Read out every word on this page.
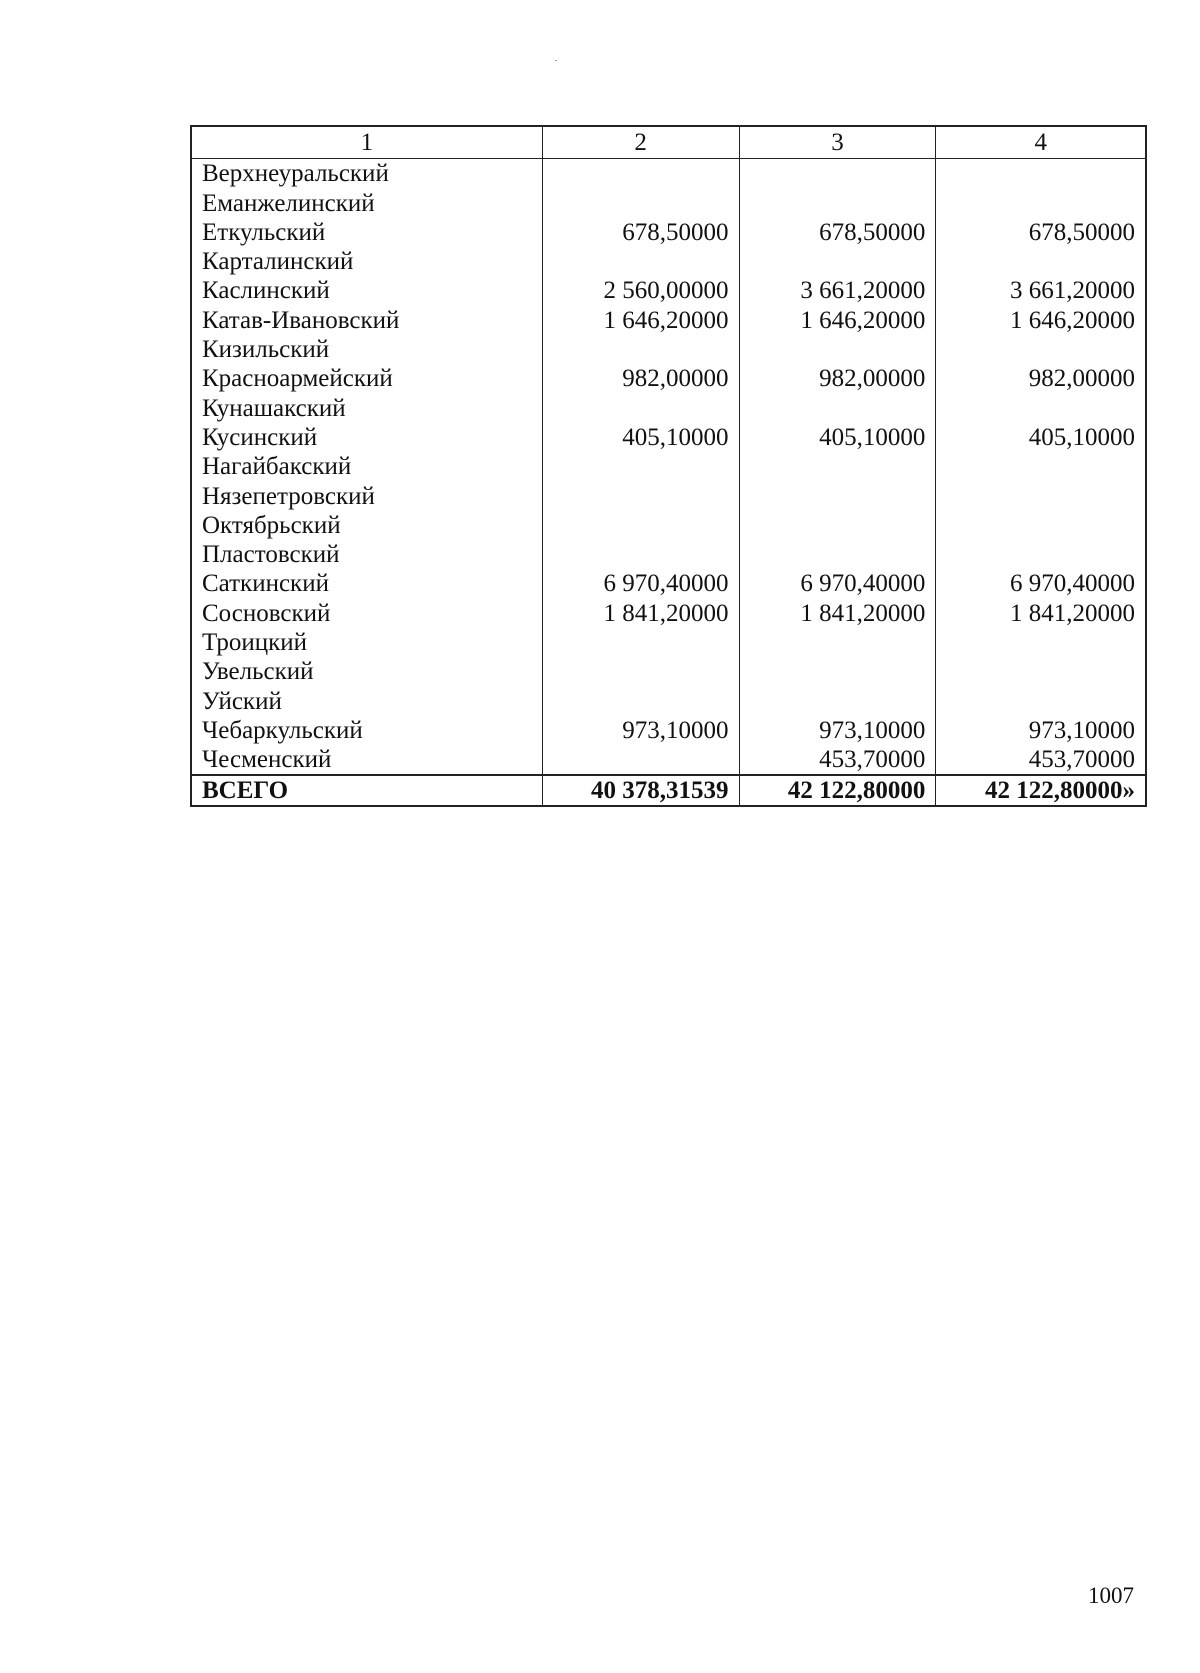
1	2	3	4
Верхнеуральский			
Еманжелинский			
Еткульский	678,50000	678,50000	678,50000
Карталинский			
Каслинский	2 560,00000	3 661,20000	3 661,20000
Катав-Ивановский	1 646,20000	1 646,20000	1 646,20000
Кизильский			
Красноармейский	982,00000	982,00000	982,00000
Кунашакский			
Кусинский	405,10000	405,10000	405,10000
Нагайбакский			
Нязепетровский			
Октябрьский			
Пластовский			
Саткинский	6 970,40000	6 970,40000	6 970,40000
Сосновский	1 841,20000	1 841,20000	1 841,20000
Троицкий			
Увельский			
Уйский			
Чебаркульский	973,10000	973,10000	973,10000
Чесменский		453,70000	453,70000
ВСЕГО	40 378,31539	42 122,80000	42 122,80000»
1007
